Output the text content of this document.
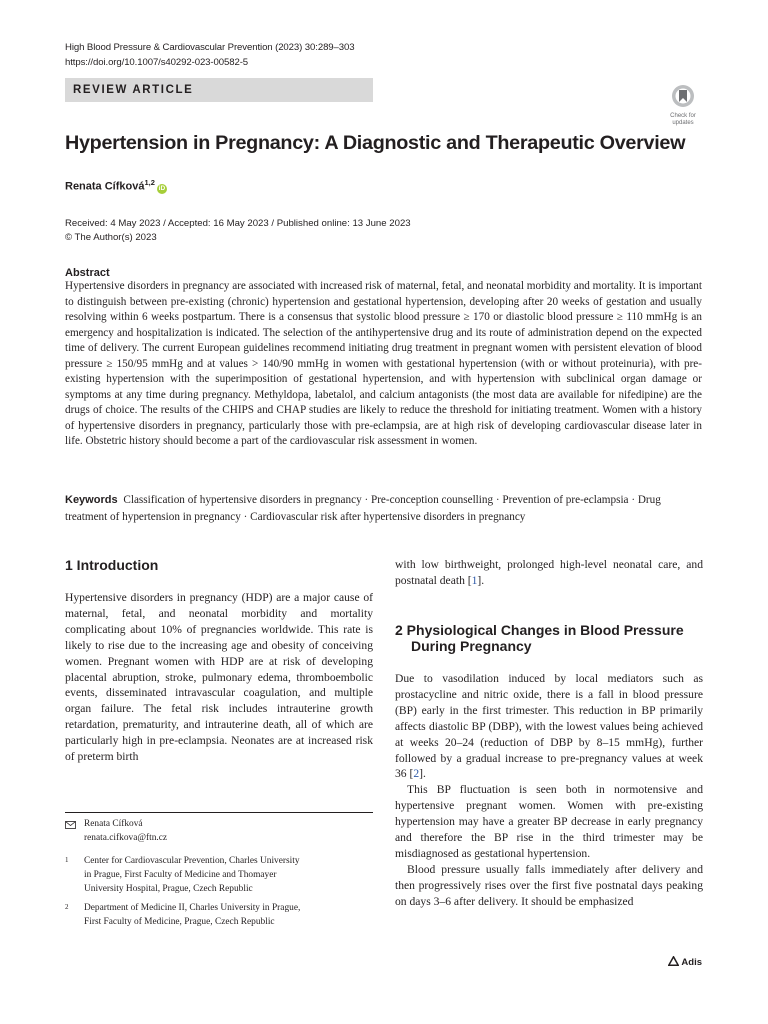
High Blood Pressure & Cardiovascular Prevention (2023) 30:289–303
https://doi.org/10.1007/s40292-023-00582-5
REVIEW ARTICLE
Check for
updates
Hypertension in Pregnancy: A Diagnostic and Therapeutic Overview
Renata Cífková$^{1,2}$iD
Received: 4 May 2023 / Accepted: 16 May 2023 / Published online: 13 June 2023
© The Author(s) 2023
Abstract
Hypertensive disorders in pregnancy are associated with increased risk of maternal, fetal, and neonatal morbidity and mortality. It is important to distinguish between pre-existing (chronic) hypertension and gestational hypertension, developing after 20 weeks of gestation and usually resolving within 6 weeks postpartum. There is a consensus that systolic blood pressure ≥ 170 or diastolic blood pressure ≥ 110 mmHg is an emergency and hospitalization is indicated. The selection of the antihypertensive drug and its route of administration depend on the expected time of delivery. The current European guidelines recommend initiating drug treatment in pregnant women with persistent elevation of blood pressure ≥ 150/95 mmHg and at values > 140/90 mmHg in women with gestational hypertension (with or without proteinuria), with pre-existing hypertension with the superimposition of gestational hypertension, and with hypertension with subclinical organ damage or symptoms at any time during pregnancy. Methyldopa, labetalol, and calcium antagonists (the most data are available for nifedipine) are the drugs of choice. The results of the CHIPS and CHAP studies are likely to reduce the threshold for initiating treatment. Women with a history of hypertensive disorders in pregnancy, particularly those with pre-eclampsia, are at high risk of developing cardiovascular disease later in life. Obstetric history should become a part of the cardiovascular risk assessment in women.
Keywords Classification of hypertensive disorders in pregnancy · Pre-conception counselling · Prevention of pre-eclampsia · Drug treatment of hypertension in pregnancy · Cardiovascular risk after hypertensive disorders in pregnancy
1 Introduction

Hypertensive disorders in pregnancy (HDP) are a major cause of maternal, fetal, and neonatal morbidity and mortality complicating about 10% of pregnancies worldwide. This rate is likely to rise due to the increasing age and obesity of conceiving women. Pregnant women with HDP are at risk of developing placental abruption, stroke, pulmonary edema, thromboembolic events, disseminated intravascular coagulation, and multiple organ failure. The fetal risk includes intrauterine growth retardation, prematurity, and intrauterine death, all of which are particularly high in pre-eclampsia. Neonates are at increased risk of preterm birth

with low birthweight, prolonged high-level neonatal care, and postnatal death [1].

2 Physiological Changes in Blood Pressure
During Pregnancy

Due to vasodilation induced by local mediators such as prostacycline and nitric oxide, there is a fall in blood pressure (BP) early in the first trimester. This reduction in BP primarily affects diastolic BP (DBP), with the lowest values being achieved at weeks 20–24 (reduction of DBP by 8–15 mmHg), further followed by a gradual increase to pre-pregnancy values at week 36 [2].

This BP fluctuation is seen both in normotensive and hypertensive pregnant women. Women with pre-existing hypertension may have a greater BP decrease in early pregnancy and therefore the BP rise in the third trimester may be misdiagnosed as gestational hypertension.

Blood pressure usually falls immediately after delivery and then progressively rises over the first five postnatal days peaking on days 3–6 after delivery. It should be emphasized

Renata Cífková
renata.cifkova@ftn.cz
1 Center for Cardiovascular Prevention, Charles University
in Prague, First Faculty of Medicine and Thomayer
University Hospital, Prague, Czech Republic
2 Department of Medicine II, Charles University in Prague,
First Faculty of Medicine, Prague, Czech Republic
Adis
